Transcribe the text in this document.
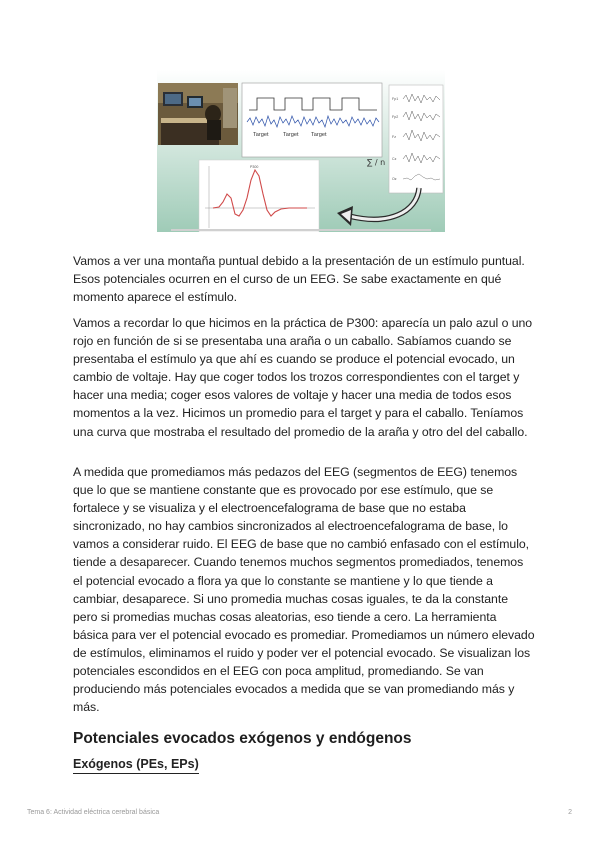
Target	Target Target
∑ / n
Fp1
Fp2
Fz
Cz
Oz
P300

Vamos a ver una montaña puntual debido a la presentación de un estímulo puntual. Esos potenciales ocurren en el curso de un EEG. Se sabe exactamente en qué momento aparece el estímulo.

Vamos a recordar lo que hicimos en la práctica de P300: aparecía un palo azul o uno rojo en función de si se presentaba una araña o un caballo. Sabíamos cuando se presentaba el estímulo ya que ahí es cuando se produce el potencial evocado, un cambio de voltaje. Hay que coger todos los trozos correspondientes con el target y hacer una media; coger esos valores de voltaje y hacer una media de todos esos momentos a la vez. Hicimos un promedio para el target y para el caballo. Teníamos una curva que mostraba el resultado del promedio de la araña y otro del del caballo.

A medida que promediamos más pedazos del EEG (segmentos de EEG) tenemos que lo que se mantiene constante que es provocado por ese estímulo, que se fortalece y se visualiza y el electroencefalograma de base que no estaba sincronizado, no hay cambios sincronizados al electroencefalograma de base, lo vamos a considerar ruido. El EEG de base que no cambió enfasado con el estímulo, tiende a desaparecer. Cuando tenemos muchos segmentos promediados, tenemos el potencial evocado a flora ya que lo constante se mantiene y lo que tiende a cambiar, desaparece. Si uno promedia muchas cosas iguales, te da la constante pero si promedias muchas cosas aleatorias, eso tiende a cero. La herramienta básica para ver el potencial evocado es promediar. Promediamos un número elevado de estímulos, eliminamos el ruido y poder ver el potencial evocado. Se visualizan los potenciales escondidos en el EEG con poca amplitud, promediando. Se van produciendo más potenciales evocados a medida que se van promediando más y más.

Potenciales evocados exógenos y endógenos
Exógenos (PEs, EPs)
Tema 6: Actividad eléctrica cerebral básica	2
